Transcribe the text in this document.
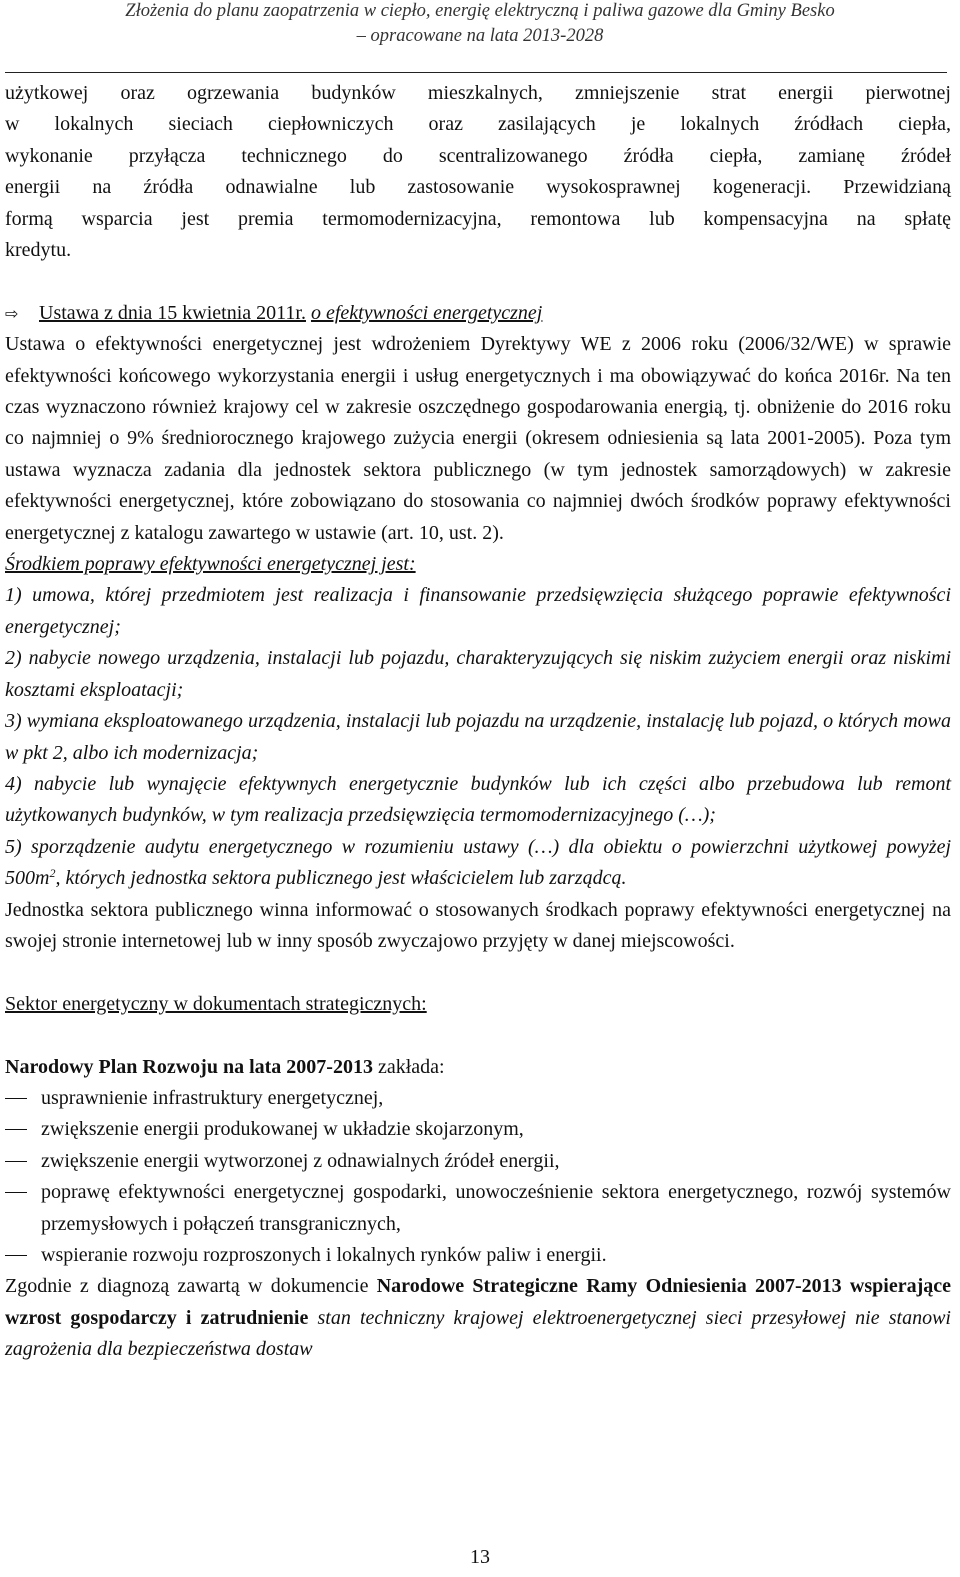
Złożenia do planu zaopatrzenia w ciepło, energię elektryczną i paliwa gazowe dla Gminy Besko
– opracowane na lata 2013-2028

użytkowej oraz ogrzewania budynków mieszkalnych, zmniejszenie strat energii pierwotnej

w lokalnych sieciach ciepłowniczych oraz zasilających je lokalnych źródłach ciepła,

wykonanie przyłącza technicznego do scentralizowanego źródła ciepła, zamianę źródeł

energii na źródła odnawialne lub zastosowanie wysokosprawnej kogeneracji. Przewidzianą

formą wsparcia jest premia termomodernizacyjna, remontowa lub kompensacyjna na spłatę

kredytu.

⇨ Ustawa z dnia 15 kwietnia 2011r. o efektywności energetycznej

Ustawa o efektywności energetycznej jest wdrożeniem Dyrektywy WE z 2006 roku (2006/32/WE) w sprawie efektywności końcowego wykorzystania energii i usług energetycznych i ma obowiązywać do końca 2016r. Na ten czas wyznaczono również krajowy cel w zakresie oszczędnego gospodarowania energią, tj. obniżenie do 2016 roku co najmniej o 9% średniorocznego krajowego zużycia energii (okresem odniesienia są lata 2001-2005). Poza tym ustawa wyznacza zadania dla jednostek sektora publicznego (w tym jednostek samorządowych) w zakresie efektywności energetycznej, które zobowiązano do stosowania co najmniej dwóch środków poprawy efektywności energetycznej z katalogu zawartego w ustawie (art. 10, ust. 2).

Środkiem poprawy efektywności energetycznej jest:

1) umowa, której przedmiotem jest realizacja i finansowanie przedsięwzięcia służącego poprawie efektywności energetycznej;

2) nabycie nowego urządzenia, instalacji lub pojazdu, charakteryzujących się niskim zużyciem energii oraz niskimi kosztami eksploatacji;

3) wymiana eksploatowanego urządzenia, instalacji lub pojazdu na urządzenie, instalację lub pojazd, o których mowa w pkt 2, albo ich modernizacja;

4) nabycie lub wynajęcie efektywnych energetycznie budynków lub ich części albo przebudowa lub remont użytkowanych budynków, w tym realizacja przedsięwzięcia termomodernizacyjnego (…);

5) sporządzenie audytu energetycznego w rozumieniu ustawy (…) dla obiektu o powierzchni użytkowej powyżej $500m^2$, których jednostka sektora publicznego jest właścicielem lub zarządcą.

Jednostka sektora publicznego winna informować o stosowanych środkach poprawy efektywności energetycznej na swojej stronie internetowej lub w inny sposób zwyczajowo przyjęty w danej miejscowości.

Sektor energetyczny w dokumentach strategicznych:

Narodowy Plan Rozwoju na lata 2007-2013 zakłada:

usprawnienie infrastruktury energetycznej,
zwiększenie energii produkowanej w układzie skojarzonym,
zwiększenie energii wytworzonej z odnawialnych źródeł energii,
poprawę efektywności energetycznej gospodarki, unowocześnienie sektora energetycznego, rozwój systemów przemysłowych i połączeń transgranicznych,
wspieranie rozwoju rozproszonych i lokalnych rynków paliw i energii.

Zgodnie z diagnozą zawartą w dokumencie Narodowe Strategiczne Ramy Odniesienia 2007-2013 wspierające wzrost gospodarczy i zatrudnienie stan techniczny krajowej elektroenergetycznej sieci przesyłowej nie stanowi zagrożenia dla bezpieczeństwa dostaw

13
